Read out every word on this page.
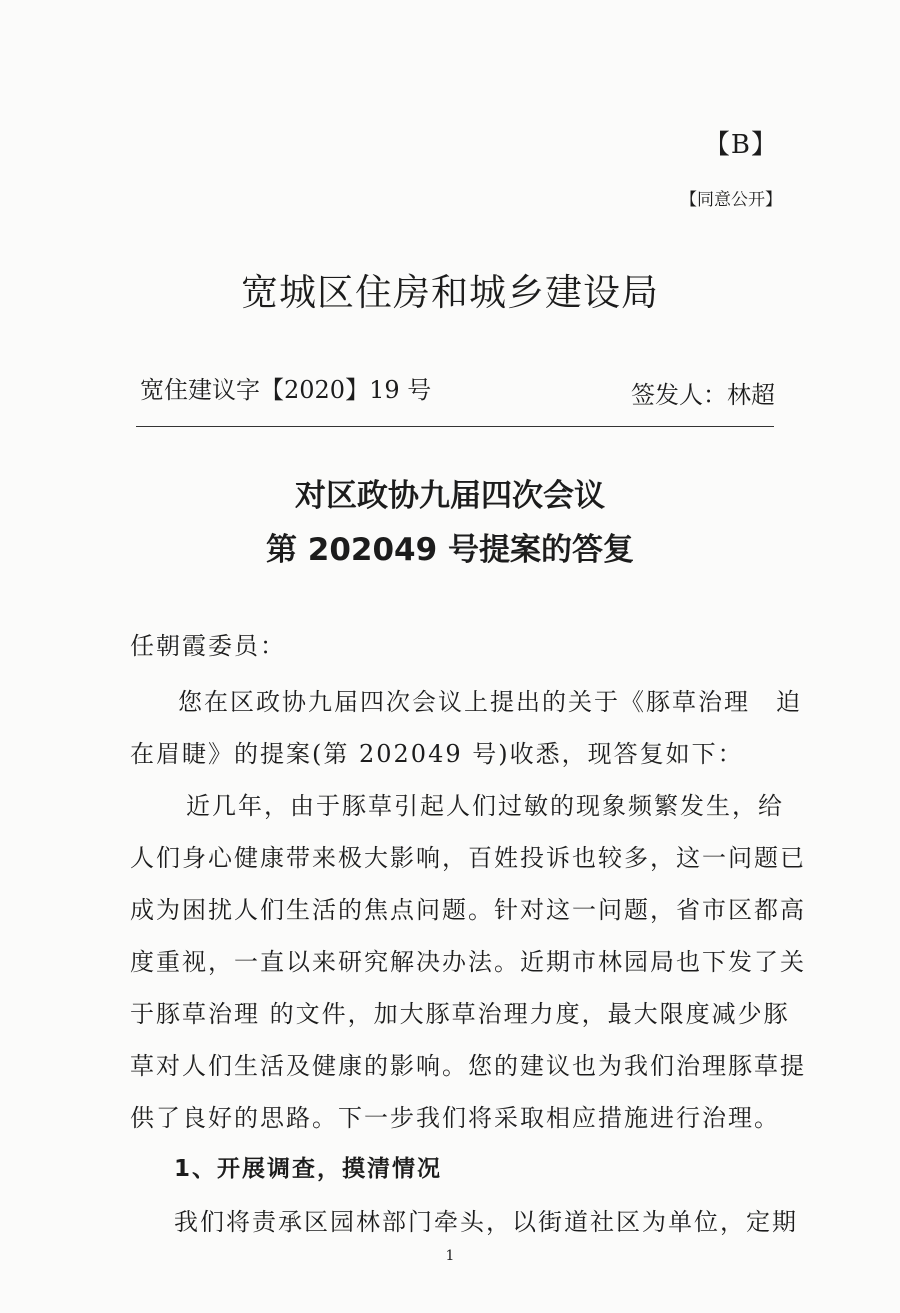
【B】
【同意公开】
宽城区住房和城乡建设局
宽住建议字【2020】19 号	签发人：林超
对区政协九届四次会议
第 202049 号提案的答复
任朝霞委员：
您在区政协九届四次会议上提出的关于《豚草治理　迫
在眉睫》的提案(第 202049 号)收悉，现答复如下：
近几年，由于豚草引起人们过敏的现象频繁发生，给
人们身心健康带来极大影响，百姓投诉也较多，这一问题已
成为困扰人们生活的焦点问题。针对这一问题，省市区都高
度重视，一直以来研究解决办法。近期市林园局也下发了关
于豚草治理 的文件，加大豚草治理力度，最大限度减少豚
草对人们生活及健康的影响。您的建议也为我们治理豚草提
供了良好的思路。下一步我们将采取相应措施进行治理。
1、开展调查，摸清情况
我们将责承区园林部门牵头，以街道社区为单位，定期
1
